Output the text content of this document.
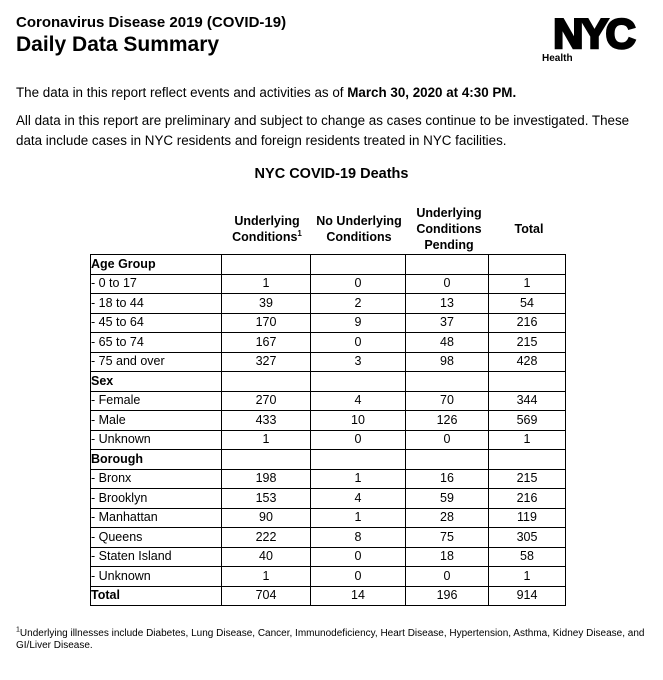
Coronavirus Disease 2019 (COVID-19)
Daily Data Summary	NYC
Health
The data in this report reflect events and activities as of March 30, 2020 at 4:30 PM.
All data in this report are preliminary and subject to change as cases continue to be investigated. These data include cases in NYC residents and foreign residents treated in NYC facilities.
NYC COVID-19 Deaths
Underlying Conditions$^1$
No Underlying Conditions
Underlying Conditions Pending
Total
Age Group				
- 0 to 17	1	0	0	1
- 18 to 44	39	2	13	54
- 45 to 64	170	9	37	216
- 65 to 74	167	0	48	215
- 75 and over	327	3	98	428
Sex				
- Female	270	4	70	344
- Male	433	10	126	569
- Unknown	1	0	0	1
Borough				
- Bronx	198	1	16	215
- Brooklyn	153	4	59	216
- Manhattan	90	1	28	119
- Queens	222	8	75	305
- Staten Island	40	0	18	58
- Unknown	1	0	0	1
Total	704	14	196	914
$^1$Underlying illnesses include Diabetes, Lung Disease, Cancer, Immunodeficiency, Heart Disease, Hypertension, Asthma, Kidney Disease, and GI/Liver Disease.
